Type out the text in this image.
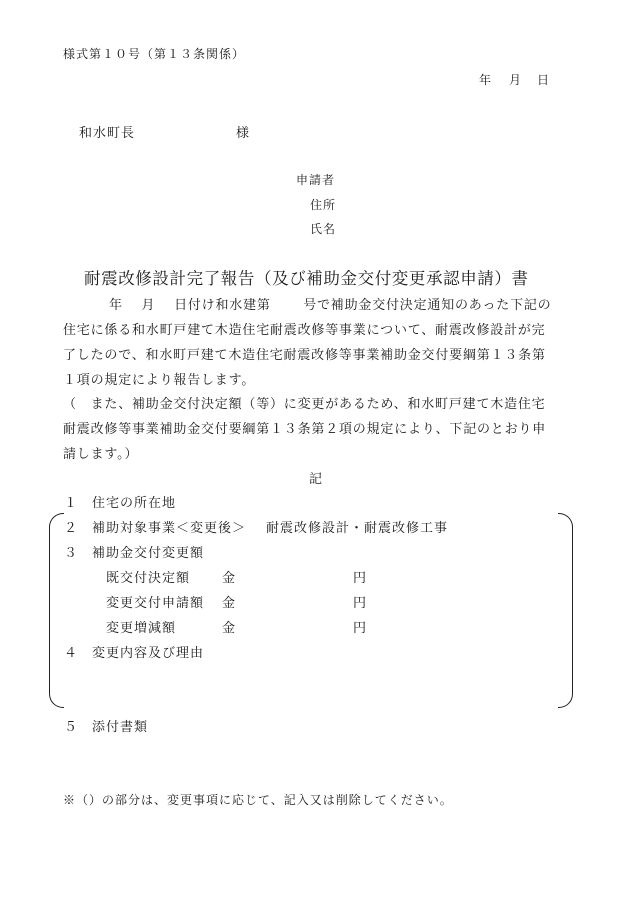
様式第１０号（第１３条関係）
年 月 日
和水町長	様
申請者
住所
氏名
耐震改修設計完了報告（及び補助金交付変更承認申請）書
年　 月　 日付け和水建第　　 号で補助金交付決定通知のあった下記の
住宅に係る和水町戸建て木造住宅耐震改修等事業について、耐震改修設計が完
了したので、和水町戸建て木造住宅耐震改修等事業補助金交付要綱第１３条第
１項の規定により報告します。
（　また、補助金交付決定額（等）に変更があるため、和水町戸建て木造住宅
耐震改修等事業補助金交付要綱第１３条第２項の規定により、下記のとおり申
請します。）
記
１ 住宅の所在地
２ 補助対象事業＜変更後＞ 耐震改修設計・耐震改修工事
３ 補助金交付変更額
既交付決定額 金	円
変更交付申請額 金	円
変更増減額	金	円
４ 変更内容及び理由
５ 添付書類
※（）の部分は、変更事項に応じて、記入又は削除してください。
